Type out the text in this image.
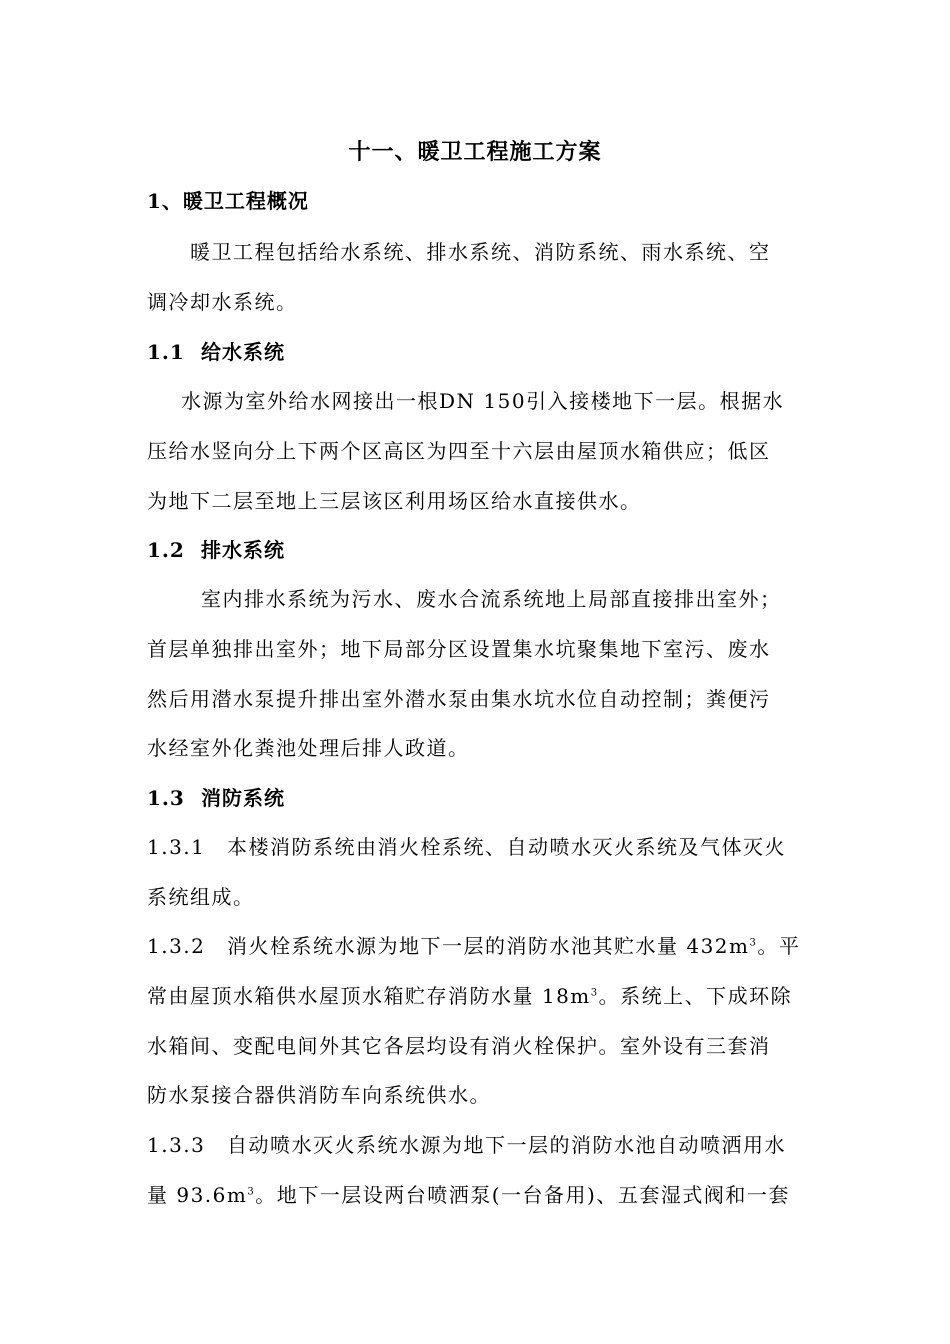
十一、暖卫工程施工方案
1、暖卫工程概况
暖卫工程包括给水系统、排水系统、消防系统、雨水系统、空
调冷却水系统。
1.1 给水系统
水源为室外给水网接出一根DN 150引入接楼地下一层。根据水
压给水竖向分上下两个区高区为四至十六层由屋顶水箱供应；低区
为地下二层至地上三层该区利用场区给水直接供水。
1.2 排水系统
室内排水系统为污水、废水合流系统地上局部直接排出室外；
首层单独排出室外；地下局部分区设置集水坑聚集地下室污、废水
然后用潜水泵提升排出室外潜水泵由集水坑水位自动控制；粪便污
水经室外化粪池处理后排人政道。
1.3 消防系统
1.3.1 本楼消防系统由消火栓系统、自动喷水灭火系统及气体灭火
系统组成。
1.3.2 消火栓系统水源为地下一层的消防水池其贮水量 $432m^3$。平
常由屋顶水箱供水屋顶水箱贮存消防水量 $18m^3$。系统上、下成环除
水箱间、变配电间外其它各层均设有消火栓保护。室外设有三套消
防水泵接合器供消防车向系统供水。
1.3.3 自动喷水灭火系统水源为地下一层的消防水池自动喷洒用水
量 $93.6m^3$。地下一层设两台喷洒泵(一台备用)、五套湿式阀和一套
